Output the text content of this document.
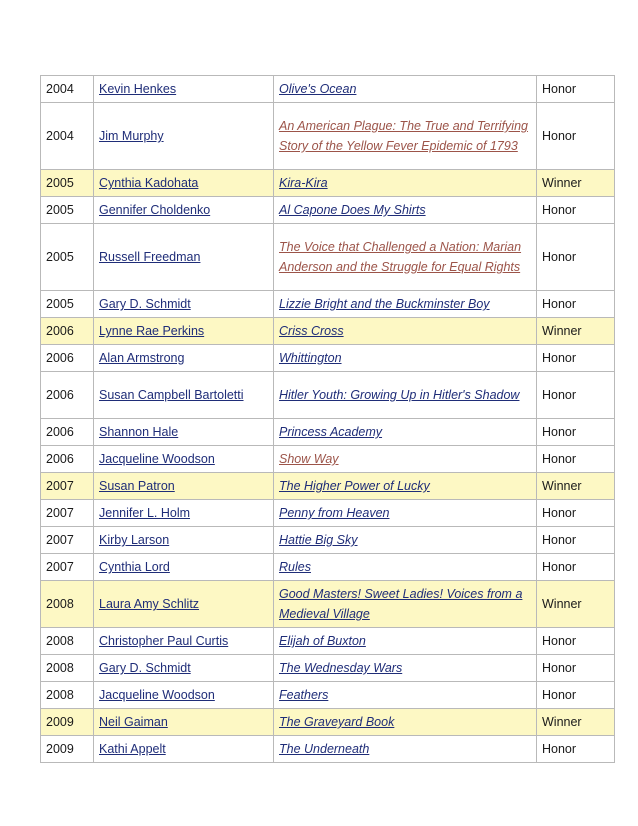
2004	Kevin Henkes	Olive's Ocean	Honor
2004	Jim Murphy	An American Plague: The True and Terrifying Story of the Yellow Fever Epidemic of 1793	Honor
2005	Cynthia Kadohata	Kira-Kira	Winner
2005	Gennifer Choldenko	Al Capone Does My Shirts	Honor
2005	Russell Freedman	The Voice that Challenged a Nation: Marian Anderson and the Struggle for Equal Rights	Honor
2005	Gary D. Schmidt	Lizzie Bright and the Buckminster Boy	Honor
2006	Lynne Rae Perkins	Criss Cross	Winner
2006	Alan Armstrong	Whittington	Honor
2006	Susan Campbell Bartoletti	Hitler Youth: Growing Up in Hitler's Shadow	Honor
2006	Shannon Hale	Princess Academy	Honor
2006	Jacqueline Woodson	Show Way	Honor
2007	Susan Patron	The Higher Power of Lucky	Winner
2007	Jennifer L. Holm	Penny from Heaven	Honor
2007	Kirby Larson	Hattie Big Sky	Honor
2007	Cynthia Lord	Rules	Honor
2008	Laura Amy Schlitz	Good Masters! Sweet Ladies! Voices from a Medieval Village	Winner
2008	Christopher Paul Curtis	Elijah of Buxton	Honor
2008	Gary D. Schmidt	The Wednesday Wars	Honor
2008	Jacqueline Woodson	Feathers	Honor
2009	Neil Gaiman	The Graveyard Book	Winner
2009	Kathi Appelt	The Underneath	Honor
